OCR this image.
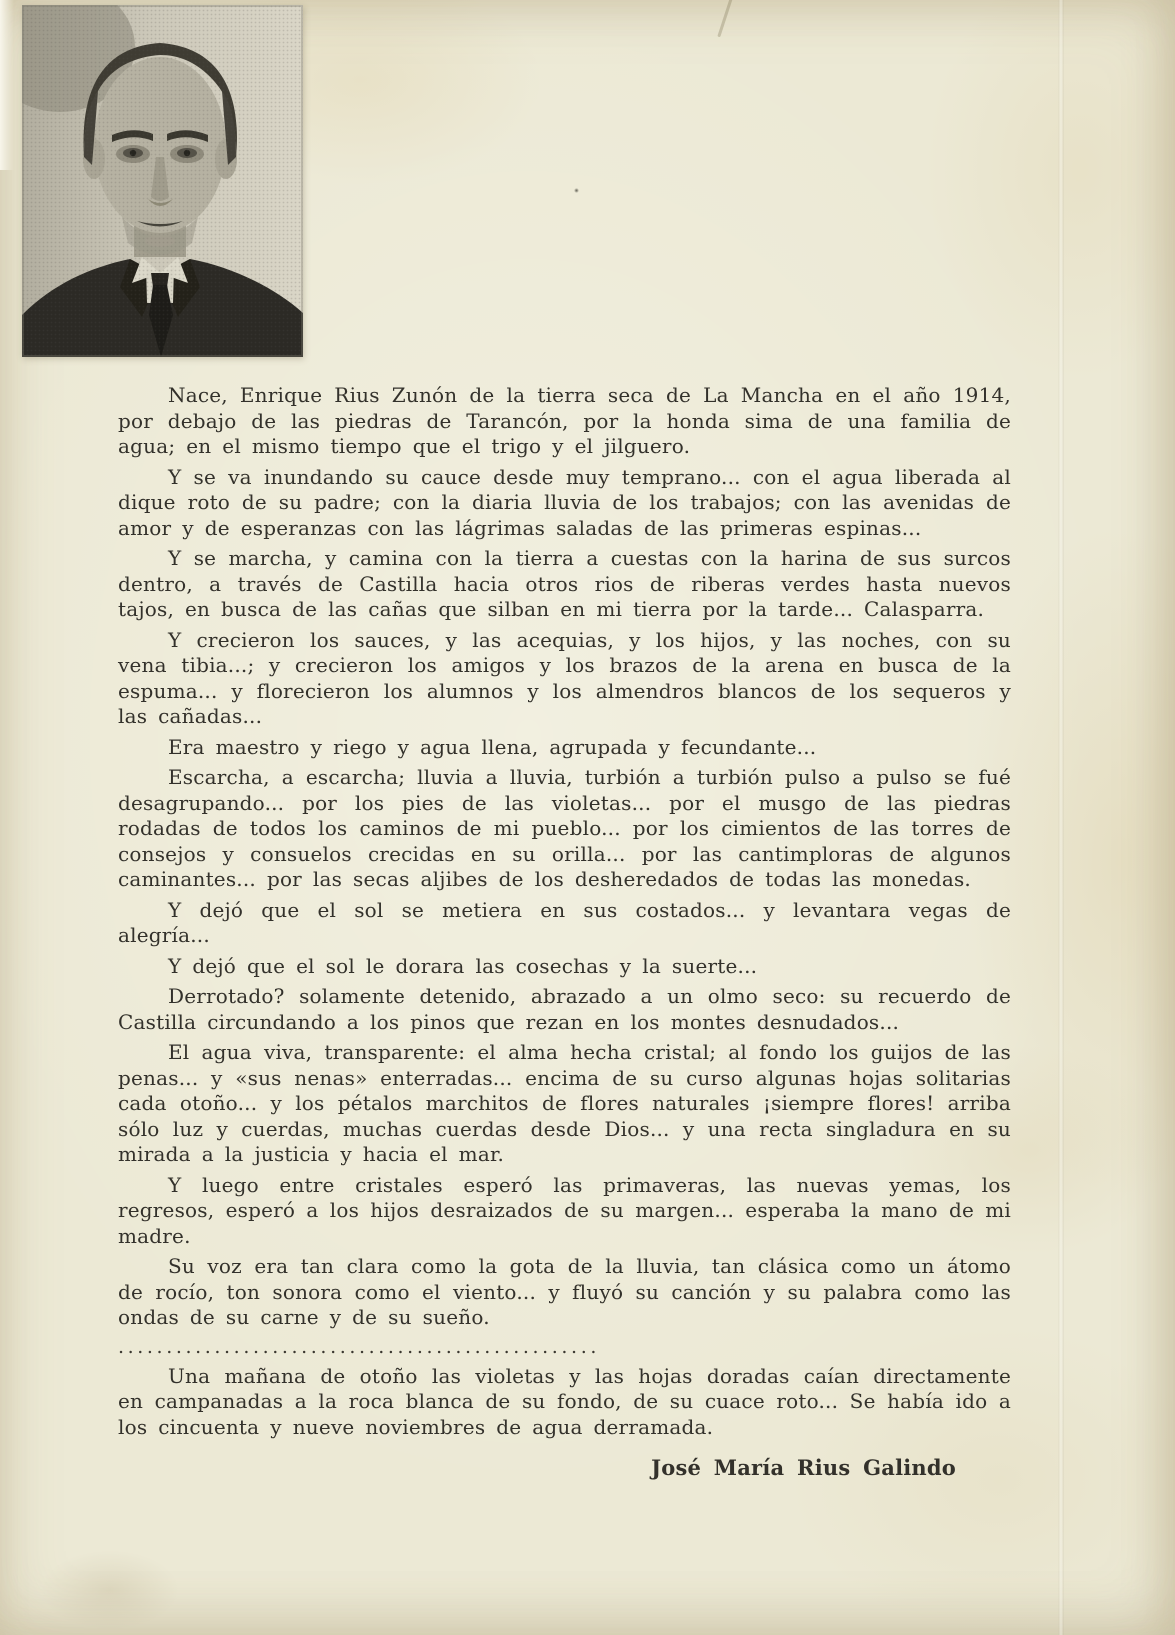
Nace, Enrique Rius Zunón de la tierra seca de La Mancha en el año 1914, por debajo de las piedras de Tarancón, por la honda sima de una familia de agua; en el mismo tiempo que el trigo y el jilguero.

Y se va inundando su cauce desde muy temprano... con el agua liberada al dique roto de su padre; con la diaria lluvia de los trabajos; con las avenidas de amor y de esperanzas con las lágrimas saladas de las primeras espinas...

Y se marcha, y camina con la tierra a cuestas con la harina de sus surcos dentro, a través de Castilla hacia otros rios de riberas verdes hasta nuevos tajos, en busca de las cañas que silban en mi tierra por la tarde... Calasparra.

Y crecieron los sauces, y las acequias, y los hijos, y las noches, con su vena tibia...; y crecieron los amigos y los brazos de la arena en busca de la espuma... y florecieron los alumnos y los almendros blancos de los sequeros y las cañadas...

Era maestro y riego y agua llena, agrupada y fecundante...

Escarcha, a escarcha; lluvia a lluvia, turbión a turbión pulso a pulso se fué desagrupando... por los pies de las violetas... por el musgo de las piedras rodadas de todos los caminos de mi pueblo... por los cimientos de las torres de consejos y consuelos crecidas en su orilla... por las cantimploras de algunos caminantes... por las secas aljibes de los desheredados de todas las monedas.

Y dejó que el sol se metiera en sus costados... y levantara vegas de alegría...

Y dejó que el sol le dorara las cosechas y la suerte...

Derrotado? solamente detenido, abrazado a un olmo seco: su recuerdo de Castilla circundando a los pinos que rezan en los montes desnudados...

El agua viva, transparente: el alma hecha cristal; al fondo los guijos de las penas... y «sus nenas» enterradas... encima de su curso algunas hojas solitarias cada otoño... y los pétalos marchitos de flores naturales ¡siempre flores! arriba sólo luz y cuerdas, muchas cuerdas desde Dios... y una recta singladura en su mirada a la justicia y hacia el mar.

Y luego entre cristales esperó las primaveras, las nuevas yemas, los regresos, esperó a los hijos desraizados de su margen... esperaba la mano de mi madre.

Su voz era tan clara como la gota de la lluvia, tan clásica como un átomo de rocío, ton sonora como el viento... y fluyó su canción y su palabra como las ondas de su carne y de su sueño.

..................................................

Una mañana de otoño las violetas y las hojas doradas caían directamente en campanadas a la roca blanca de su fondo, de su cuace roto... Se había ido a los cincuenta y nueve noviembres de agua derramada.

José María Rius Galindo
